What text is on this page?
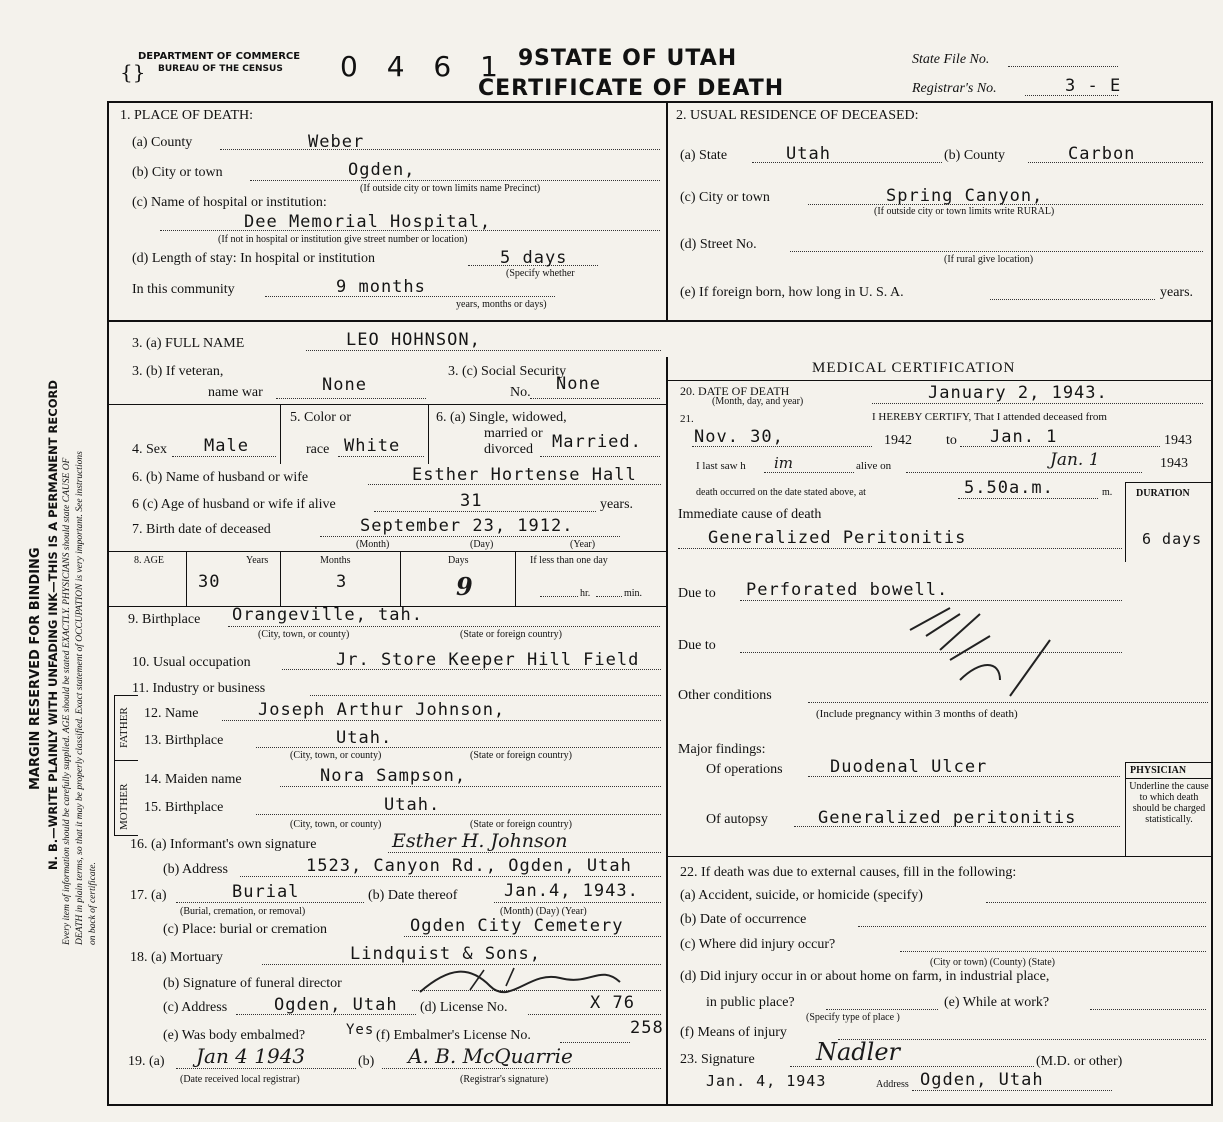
MARGIN RESERVED FOR BINDING N. B.—WRITE PLAINLY WITH UNFADING INK—THIS IS A PERMANENT RECORD Every item of information should be carefully supplied. AGE should be stated EXACTLY. PHYSICIANS should state CAUSE OF DEATH in plain terms, so that it may be properly classified. Exact statement of OCCUPATION is very important. See instructions on back of certificate.
DEPARTMENT OF COMMERCE
BUREAU OF THE CENSUS
{}	0 4 6 1 9 STATE OF UTAH
CERTIFICATE OF DEATH
State File No.
Registrar's No.	3 - E
1. PLACE OF DEATH:
(a) County	Weber
(b) City or town	Ogden,
(If outside city or town limits name Precinct)
(c) Name of hospital or institution:
Dee Memorial Hospital,
(If not in hospital or institution give street number or location)
(d) Length of stay: In hospital or institution	5 days
(Specify whether
In this community	9 months
years, months or days)
2. USUAL RESIDENCE OF DECEASED:
(a) State	Utah	(b) County	Carbon
(c) City or town	Spring Canyon,
(If outside city or town limits write RURAL)
(d) Street No.
(If rural give location)
(e) If foreign born, how long in U. S. A.	years.
3. (a) FULL NAME	LEO HOHNSON,
3. (b) If veteran,
name war	None
3. (c) Social Security
No. None
4. Sex Male
5. Color or
race White
6. (a) Single, widowed,
married or
divorced Married.
6. (b) Name of husband or wife	Esther Hortense Hall
6 (c) Age of husband or wife if alive	31	years.
7. Birth date of deceased	September 23, 1912.
(Month)	(Day)	(Year)
8. AGE	Years	Months	Days	If less than one day
30	3	9	hr.	min.
9. Birthplace Orangeville, tah.
(City, town, or county)	(State or foreign country)
10. Usual occupation	Jr. Store Keeper Hill Field
11. Industry or business
FATHER
MOTHER
12. Name	Joseph Arthur Johnson,
13. Birthplace	Utah.
(City, town, or county)	(State or foreign country)
14. Maiden name	Nora Sampson,
15. Birthplace	Utah.
(City, town, or county)	(State or foreign country)
16. (a) Informant's own signature	Esther H. Johnson
(b) Address	1523, Canyon Rd., Ogden, Utah
17. (a)	Burial
(Burial, cremation, or removal)
(b) Date thereof	Jan.4, 1943.
(Month) (Day) (Year)
(c) Place: burial or cremation	Ogden City Cemetery
18. (a) Mortuary	Lindquist & Sons,
(b) Signature of funeral director
(c) Address	Ogden, Utah (d) License No.	X 76
(e) Was body embalmed?	Yes (f) Embalmer's License No.	258
19. (a) Jan 4 1943
(Date received local registrar)
(b) A. B. McQuarrie
(Registrar's signature)
MEDICAL CERTIFICATION
20. DATE OF DEATH
(Month, day, and year)	January 2, 1943.
21.	I HEREBY CERTIFY, That I attended deceased from
Nov. 30,	1942 to Jan. 1	1943
I last saw h im	alive on	Jan. 1	1943
death occurred on the date stated above, at	5.50a.m.	m. DURATION
Immediate cause of death
Generalized Peritonitis	6 days
Due to Perforated bowell.
Due to
Other conditions
(Include pregnancy within 3 months of death)
Major findings:
Of operations	Duodenal Ulcer	PHYSICIAN
Underline the cause to which death should be charged statistically.
Of autopsy	Generalized peritonitis
22. If death was due to external causes, fill in the following:
(a) Accident, suicide, or homicide (specify)
(b) Date of occurrence
(c) Where did injury occur?
(City or town) (County) (State)
(d) Did injury occur in or about home on farm, in industrial place,
in public place?	(e) While at work?
(Specify type of place )
(f) Means of injury
23. Signature	Nadler	(M.D. or other)
Jan. 4, 1943	Address Ogden, Utah
